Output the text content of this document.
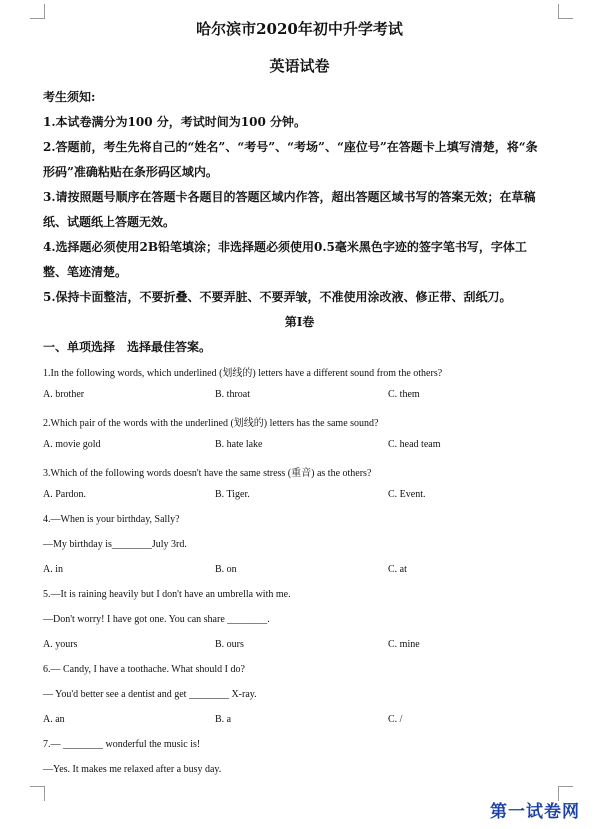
哈尔滨市2020年初中升学考试
英语试卷
考生须知:
1.本试卷满分为100 分，考试时间为100 分钟。
2.答题前，考生先将自己的“姓名”、“考号”、“考场”、“座位号”在答题卡上填写清楚，将“条
形码”准确粘贴在条形码区域内。
3.请按照题号顺序在答题卡各题目的答题区域内作答，超出答题区域书写的答案无效；在草稿
纸、试题纸上答题无效。
4.选择题必须使用2B铅笔填涂；非选择题必须使用0.5毫米黑色字迹的签字笔书写，字体工
整、笔迹清楚。
5.保持卡面整洁，不要折叠、不要弄脏、不要弄皱，不准使用涂改液、修正带、刮纸刀。
第Ⅰ卷
一、单项选择　选择最佳答案。
1.In the following words, which underlined (划线的) letters have a different sound from the others?
A. brother	B. throat	C. them
2.Which pair of the words with the underlined (划线的) letters has the same sound?
A. movie gold	B. hate lake	C. head team
3.Which of the following words doesn't have the same stress (重音) as the others?
A. Pardon.	B. Tiger.	C. Event.
4.—When is your birthday, Sally?
—My birthday is________July 3rd.
A. in	B. on	C. at
5.—It is raining heavily but I don't have an umbrella with me.
—Don't worry! I have got one. You can share ________.
A. yours	B. ours	C. mine
6.— Candy, I have a toothache. What should I do?
— You'd better see a dentist and get ________ X-ray.
A. an	B. a	C. /
7.— ________ wonderful the music is!
—Yes. It makes me relaxed after a busy day.
第一试卷网
